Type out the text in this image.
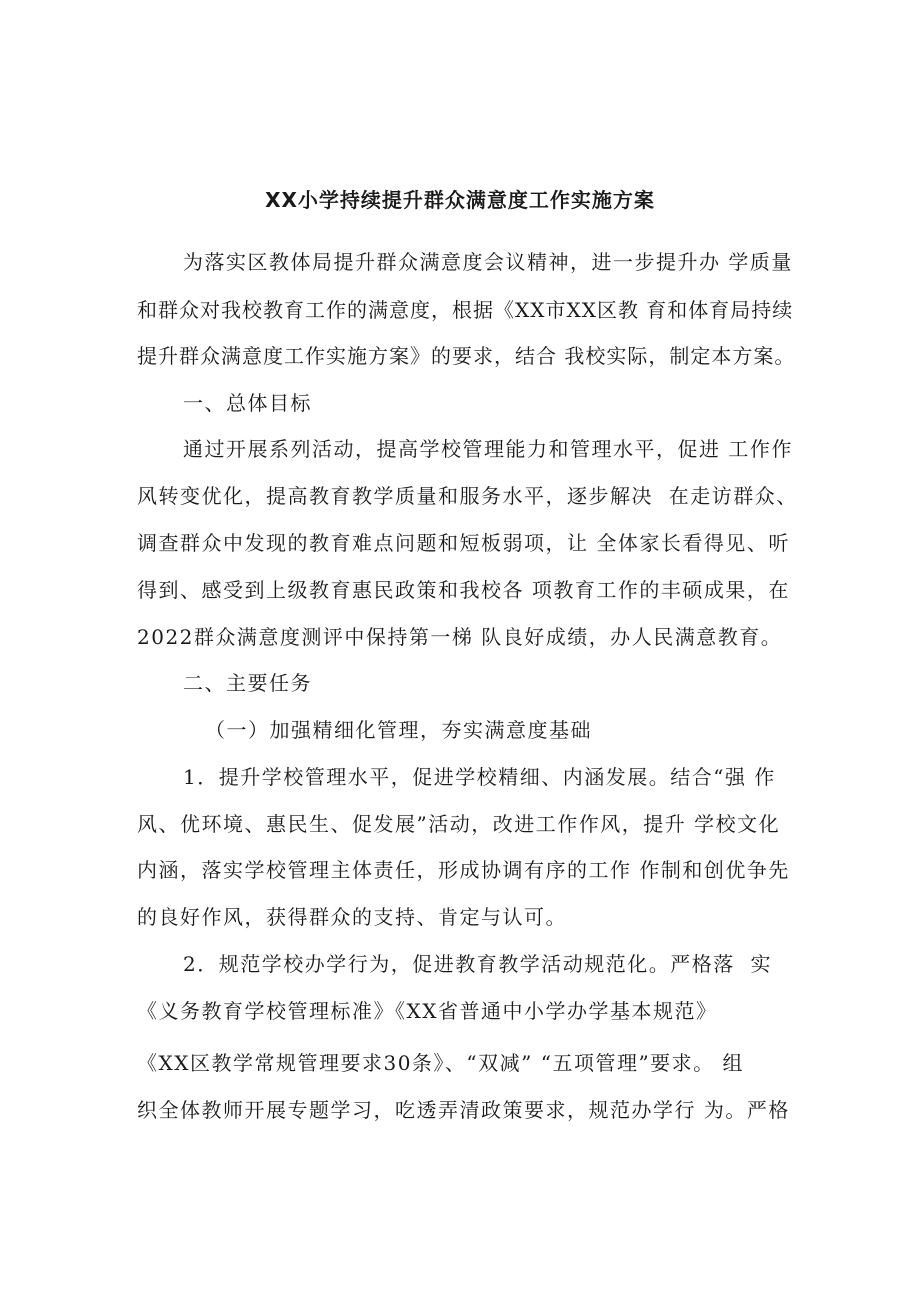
XX小学持续提升群众满意度工作实施方案
为落实区教体局提升群众满意度会议精神，进一步提升办 学质量
和群众对我校教育工作的满意度，根据《XX市XX区教 育和体育局持续
提升群众满意度工作实施方案》的要求，结合 我校实际，制定本方案。
一、总体目标
通过开展系列活动，提高学校管理能力和管理水平，促进 工作作
风转变优化，提高教育教学质量和服务水平，逐步解决  在走访群众、
调查群众中发现的教育难点问题和短板弱项，让 全体家长看得见、听
得到、感受到上级教育惠民政策和我校各 项教育工作的丰硕成果，在
2022群众满意度测评中保持第一梯 队良好成绩，办人民满意教育。
二、主要任务
（一）加强精细化管理，夯实满意度基础
1．提升学校管理水平，促进学校精细、内涵发展。结合“强 作
风、优环境、惠民生、促发展”活动，改进工作作风，提升 学校文化
内涵，落实学校管理主体责任，形成协调有序的工作 作制和创优争先
的良好作风，获得群众的支持、肯定与认可。
2．规范学校办学行为，促进教育教学活动规范化。严格落  实
《义务教育学校管理标准》《XX省普通中小学办学基本规范》
《XX区教学常规管理要求30条》、“双减” “五项管理”要求。 组
织全体教师开展专题学习，吃透弄清政策要求，规范办学行 为。严格
